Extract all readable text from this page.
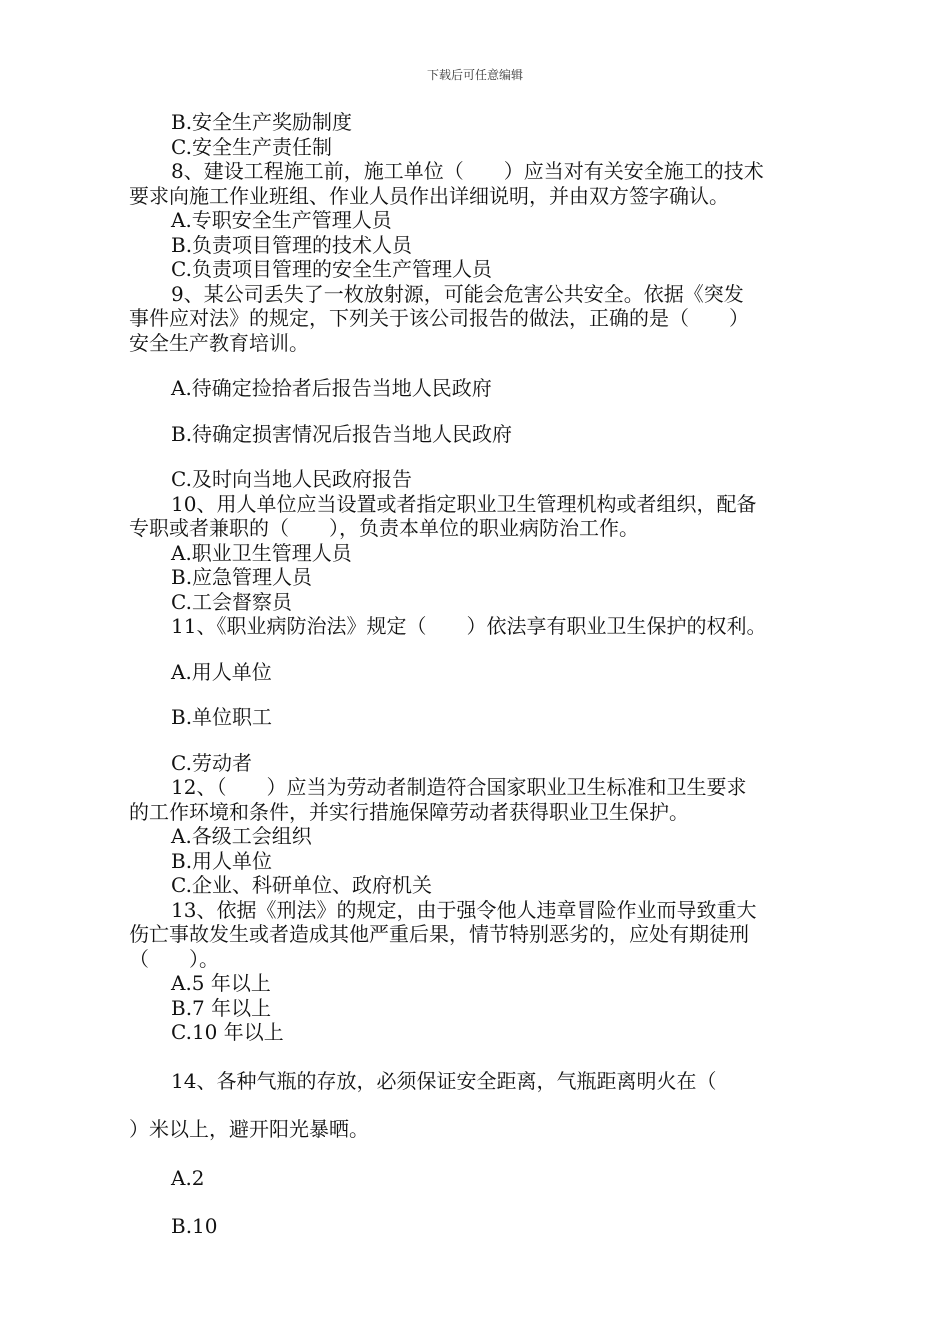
下载后可任意编辑

B.安全生产奖励制度

C.安全生产责任制

8、建设工程施工前，施工单位（　　）应当对有关安全施工的技术

要求向施工作业班组、作业人员作出详细说明，并由双方签字确认。

A.专职安全生产管理人员

B.负责项目管理的技术人员

C.负责项目管理的安全生产管理人员

9、某公司丢失了一枚放射源，可能会危害公共安全。依据《突发

事件应对法》的规定，下列关于该公司报告的做法，正确的是（　　）

安全生产教育培训。

A.待确定捡拾者后报告当地人民政府

B.待确定损害情况后报告当地人民政府

C.及时向当地人民政府报告

10、用人单位应当设置或者指定职业卫生管理机构或者组织，配备

专职或者兼职的（　　），负责本单位的职业病防治工作。

A.职业卫生管理人员

B.应急管理人员

C.工会督察员

11、《职业病防治法》规定（　　）依法享有职业卫生保护的权利。

A.用人单位

B.单位职工

C.劳动者

12、（　　）应当为劳动者制造符合国家职业卫生标准和卫生要求

的工作环境和条件，并实行措施保障劳动者获得职业卫生保护。

A.各级工会组织

B.用人单位

C.企业、科研单位、政府机关

13、依据《刑法》的规定，由于强令他人违章冒险作业而导致重大

伤亡事故发生或者造成其他严重后果，情节特别恶劣的，应处有期徒刑

（　　）。

A.5 年以上

B.7 年以上

C.10 年以上

14、各种气瓶的存放，必须保证安全距离，气瓶距离明火在（

）米以上，避开阳光暴晒。

A.2

B.10
